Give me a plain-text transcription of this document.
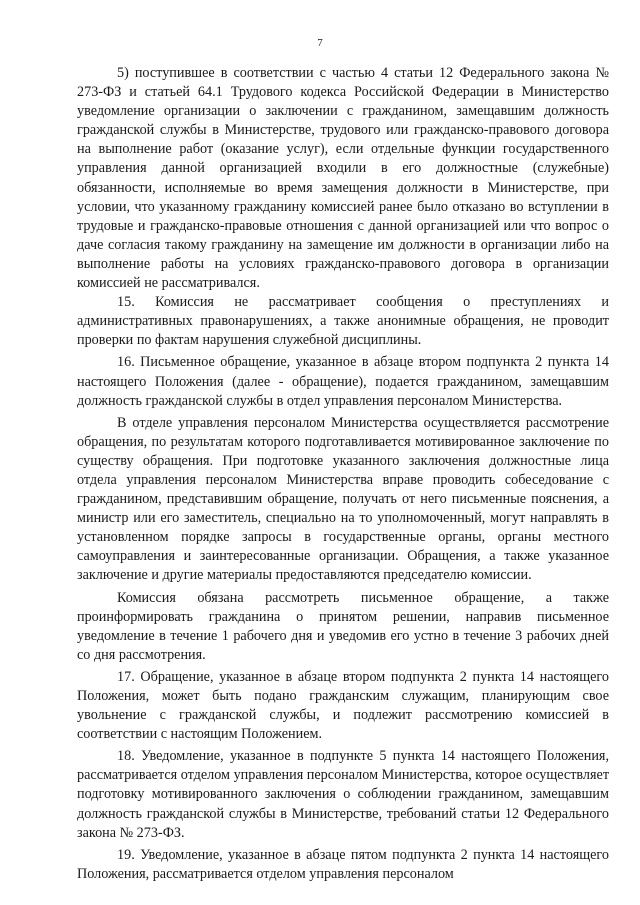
7

5) поступившее в соответствии с частью 4 статьи 12 Федерального закона № 273-ФЗ и статьей 64.1 Трудового кодекса Российской Федерации в Министерство уведомление организации о заключении с гражданином, замещавшим должность гражданской службы в Министерстве, трудового или гражданско-правового договора на выполнение работ (оказание услуг), если отдельные функции государственного управления данной организацией входили в его должностные (служебные) обязанности, исполняемые во время замещения должности в Министерстве, при условии, что указанному гражданину комиссией ранее было отказано во вступлении в трудовые и гражданско-правовые отношения с данной организацией или что вопрос о даче согласия такому гражданину на замещение им должности в организации либо на выполнение работы на условиях гражданско-правового договора в организации комиссией не рассматривался.

15. Комиссия не рассматривает сообщения о преступлениях и административных правонарушениях, а также анонимные обращения, не проводит проверки по фактам нарушения служебной дисциплины.

16. Письменное обращение, указанное в абзаце втором подпункта 2 пункта 14 настоящего Положения (далее - обращение), подается гражданином, замещавшим должность гражданской службы в отдел управления персоналом Министерства.

В отделе управления персоналом Министерства осуществляется рассмотрение обращения, по результатам которого подготавливается мотивированное заключение по существу обращения. При подготовке указанного заключения должностные лица отдела управления персоналом Министерства вправе проводить собеседование с гражданином, представившим обращение, получать от него письменные пояснения, а министр или его заместитель, специально на то уполномоченный, могут направлять в установленном порядке запросы в государственные органы, органы местного самоуправления и заинтересованные организации. Обращения, а также указанное заключение и другие материалы предоставляются председателю комиссии.

Комиссия обязана рассмотреть письменное обращение, а также проинформировать гражданина о принятом решении, направив письменное уведомление в течение 1 рабочего дня и уведомив его устно в течение 3 рабочих дней со дня рассмотрения.

17. Обращение, указанное в абзаце втором подпункта 2 пункта 14 настоящего Положения, может быть подано гражданским служащим, планирующим свое увольнение с гражданской службы, и подлежит рассмотрению комиссией в соответствии с настоящим Положением.

18. Уведомление, указанное в подпункте 5 пункта 14 настоящего Положения, рассматривается отделом управления персоналом Министерства, которое осуществляет подготовку мотивированного заключения о соблюдении гражданином, замещавшим должность гражданской службы в Министерстве, требований статьи 12 Федерального закона № 273-ФЗ.

19. Уведомление, указанное в абзаце пятом подпункта 2 пункта 14 настоящего Положения, рассматривается отделом управления персоналом
